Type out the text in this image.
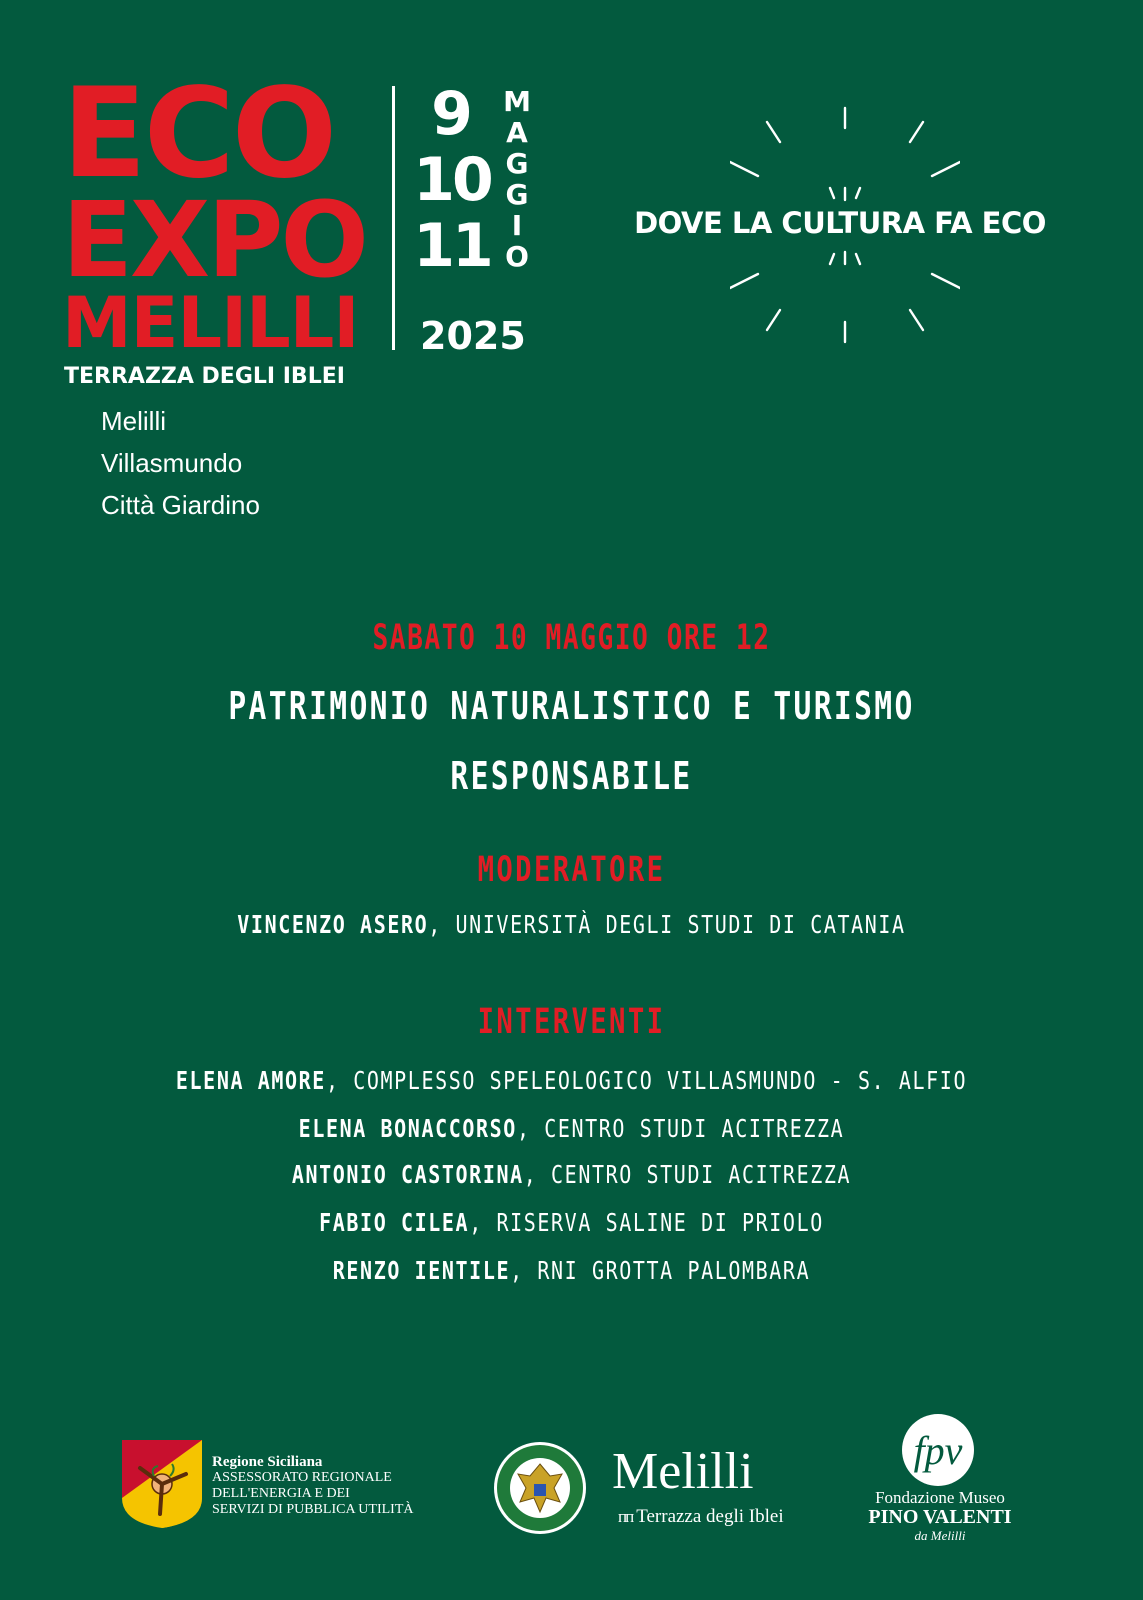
ECO
EXPO
MELILLI
TERRAZZA DEGLI IBLEI
9
10
11
M
A
G
G
I
O
2025
Melilli
Villasmundo
Città Giardino
DOVE LA CULTURA FA ECO
SABATO 10 MAGGIO ORE 12
PATRIMONIO NATURALISTICO E TURISMO
RESPONSABILE
MODERATORE
VINCENZO ASERO, UNIVERSITÀ DEGLI STUDI DI CATANIA
INTERVENTI
ELENA AMORE, COMPLESSO SPELEOLOGICO VILLASMUNDO - S. ALFIO
ELENA BONACCORSO, CENTRO STUDI ACITREZZA
ANTONIO CASTORINA, CENTRO STUDI ACITREZZA
FABIO CILEA, RISERVA SALINE DI PRIOLO
RENZO IENTILE, RNI GROTTA PALOMBARA
Regione Siciliana
ASSESSORATO REGIONALE
DELL'ENERGIA E DEI
SERVIZI DI PUBBLICA UTILITÀ
Melilli
ᴨᴨ Terrazza degli Iblei
fpv
Fondazione Museo
PINO VALENTI
da Melilli
